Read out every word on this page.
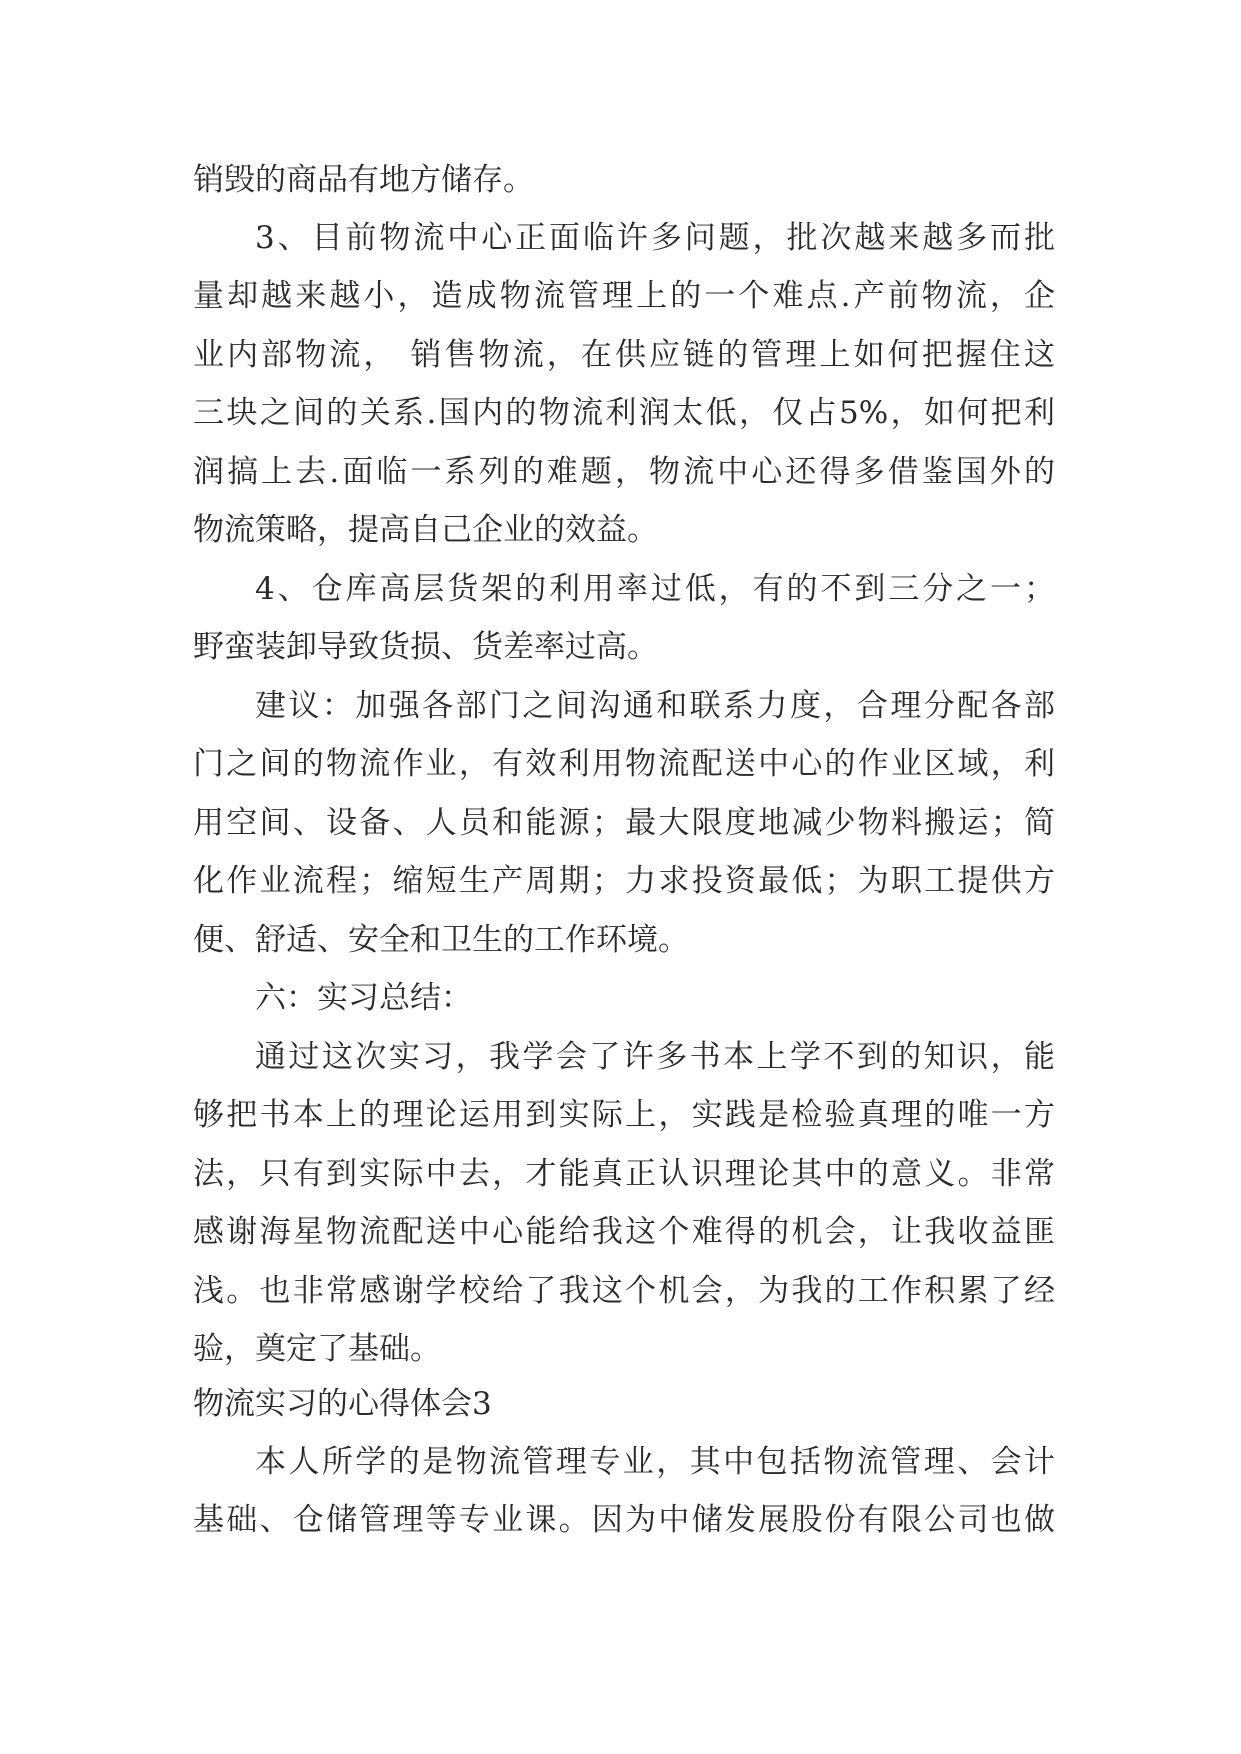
销毁的商品有地方储存。
3、目前物流中心正面临许多问题，批次越来越多而批
量却越来越小，造成物流管理上的一个难点.产前物流，企
业内部物流， 销售物流，在供应链的管理上如何把握住这
三块之间的关系.国内的物流利润太低，仅占5%，如何把利
润搞上去.面临一系列的难题，物流中心还得多借鉴国外的
物流策略，提高自己企业的效益。
4、仓库高层货架的利用率过低，有的不到三分之一；
野蛮装卸导致货损、货差率过高。
建议：加强各部门之间沟通和联系力度，合理分配各部
门之间的物流作业，有效利用物流配送中心的作业区域，利
用空间、设备、人员和能源；最大限度地减少物料搬运；简
化作业流程；缩短生产周期；力求投资最低；为职工提供方
便、舒适、安全和卫生的工作环境。
六：实习总结：
通过这次实习，我学会了许多书本上学不到的知识，能
够把书本上的理论运用到实际上，实践是检验真理的唯一方
法，只有到实际中去，才能真正认识理论其中的意义。非常
感谢海星物流配送中心能给我这个难得的机会，让我收益匪
浅。也非常感谢学校给了我这个机会，为我的工作积累了经
验，奠定了基础。
物流实习的心得体会3
本人所学的是物流管理专业，其中包括物流管理、会计
基础、仓储管理等专业课。因为中储发展股份有限公司也做
